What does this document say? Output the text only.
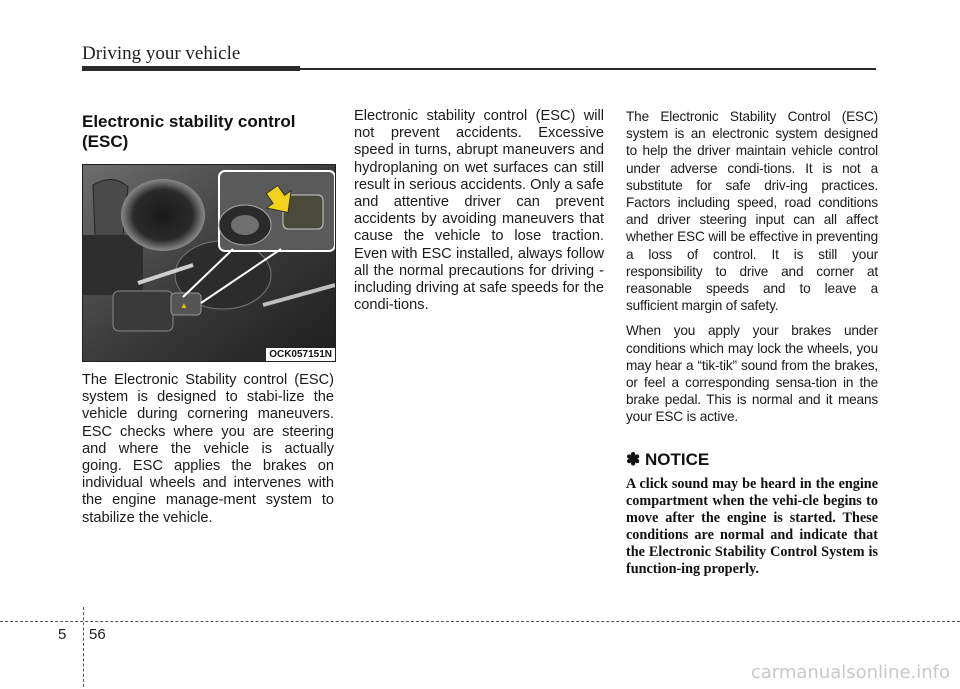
Driving your vehicle
Electronic stability control (ESC)
▲
OCK057151N

The Electronic Stability control (ESC) system is designed to stabi-lize the vehicle during cornering maneuvers. ESC checks where you are steering and where the vehicle is actually going. ESC applies the brakes on individual wheels and intervenes with the engine manage-ment system to stabilize the vehicle.

Electronic stability control (ESC) will not prevent accidents. Excessive speed in turns, abrupt maneuvers and hydroplaning on wet surfaces can still result in serious accidents. Only a safe and attentive driver can prevent accidents by avoiding maneuvers that cause the vehicle to lose traction. Even with ESC installed, always follow all the normal precautions for driving - including driving at safe speeds for the condi-tions.

The Electronic Stability Control (ESC) system is an electronic system designed to help the driver maintain vehicle control under adverse condi-tions. It is not a substitute for safe driv-ing practices. Factors including speed, road conditions and driver steering input can all affect whether ESC will be effective in preventing a loss of control. It is still your responsibility to drive and corner at reasonable speeds and to leave a sufficient margin of safety.

When you apply your brakes under conditions which may lock the wheels, you may hear a “tik-tik” sound from the brakes, or feel a corresponding sensa-tion in the brake pedal. This is normal and it means your ESC is active.

✽ NOTICE
A click sound may be heard in the engine compartment when the vehi-cle begins to move after the engine is started. These conditions are normal and indicate that the Electronic Stability Control System is function-ing properly.
5 56
carmanualsonline.info
